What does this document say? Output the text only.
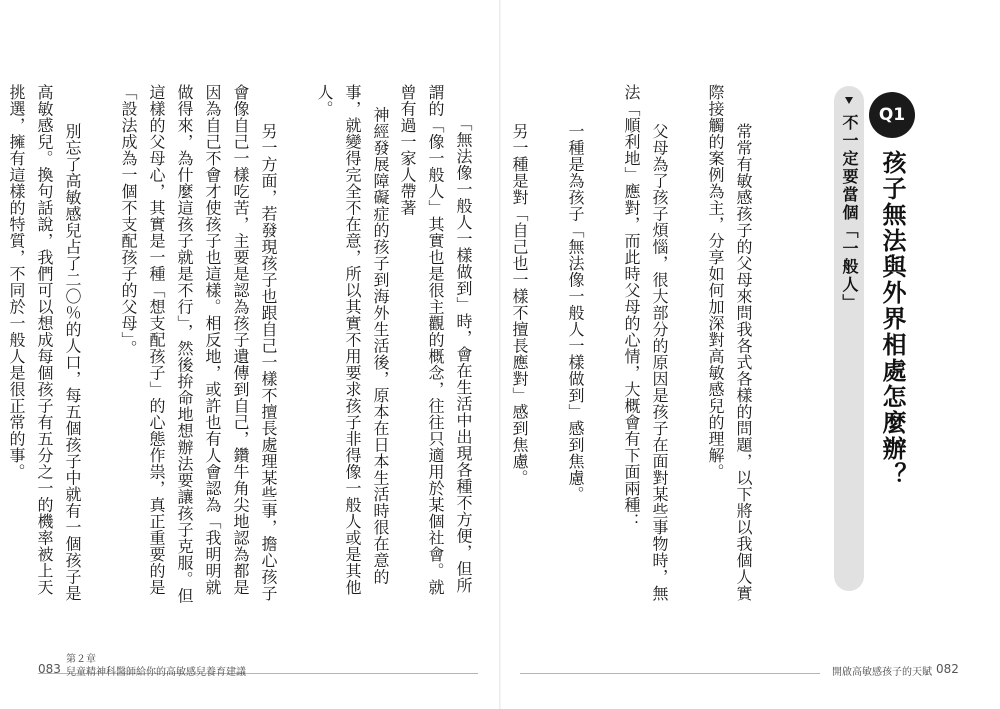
神經發展障礙症的孩子到海外生活後，原本在日本生活時很在意的事，就變得完全不在意，所以其實不用要求孩子非得像一般人或是其他人。

　另一方面，若發現孩子也跟自己一樣不擅長處理某些事，擔心孩子會像自己一樣吃苦，主要是認為孩子遺傳到自己，鑽牛角尖地認為都是因為自己不會才使孩子也這樣。相反地，或許也有人會認為「我明明就做得來，為什麼這孩子就是不行」，然後拚命地想辦法要讓孩子克服。但這樣的父母心，其實是一種「想支配孩子」的心態作祟，真正重要的是「設法成為一個不支配孩子的父母」。

　別忘了高敏感兒占了二〇％的人口，每五個孩子中就有一個孩子是高敏感兒。換句話說，我們可以想成每個孩子有五分之一的機率被上天挑選，擁有這樣的特質，不同於一般人是很正常的事。

	　常常有敏感孩子的父母來問我各式各樣的問題，以下將以我個人實際接觸的案例為主，分享如何加深對高敏感兒的理解。

　父母為了孩子煩惱，很大部分的原因是孩子在面對某些事物時，無法「順利地」應對，而此時父母的心情，大概會有下面兩種：

　一種是為孩子「無法像一般人一樣做到」感到焦慮。

　另一種是對「自己也一樣不擅長應對」感到焦慮。

　「無法像一般人一樣做到」時，會在生活中出現各種不方便，但所謂的「像一般人」其實也是很主觀的概念，往往只適用於某個社會。就曾有過一家人帶著
	不一定要當個「一般人」	Q1
孩子無法與外界相處怎麼辦？
第２章
兒童精神科醫師給你的高敏感兒養育建議
083	開啟高敏感孩子的天賦 082
